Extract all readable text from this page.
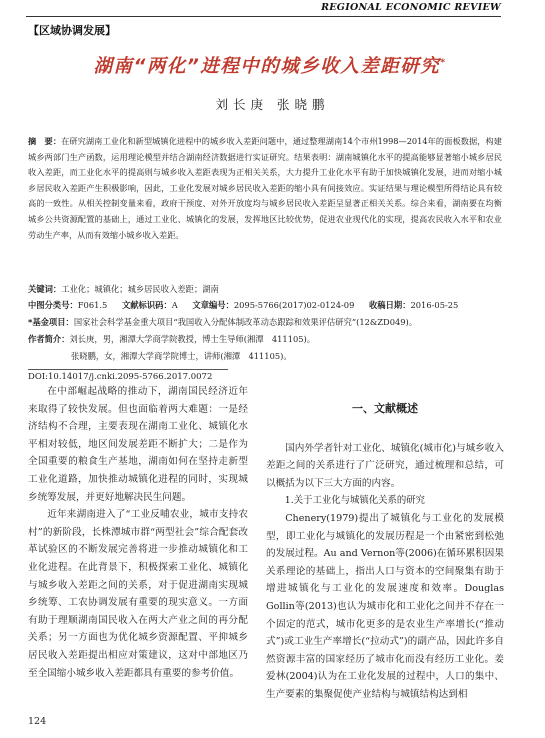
REGIONAL ECONOMIC REVIEW
【区域协调发展】
湖南“两化”进程中的城乡收入差距研究*
刘长庚 张晓鹏
摘　要：在研究湖南工业化和新型城镇化进程中的城乡收入差距问题中，通过整理湖南14个市州1998—2014年的面板数据，构建城乡两部门生产函数，运用理论模型并结合湖南经济数据进行实证研究。结果表明：湖南城镇化水平的提高能够显著缩小城乡居民收入差距，而工业化水平的提高则与城乡收入差距表现为正相关关系，大力提升工业化水平有助于加快城镇化发展，进而对缩小城乡居民收入差距产生积极影响，因此，工业化发展对城乡居民收入差距的缩小具有间接效应。实证结果与理论模型所得结论具有较高的一致性。从相关控制变量来看，政府干预度、对外开放度均与城乡居民收入差距呈显著正相关关系。综合来看，湖南要在均衡城乡公共资源配置的基础上，通过工业化、城镇化的发展，发挥地区比较优势，促进农业现代化的实现，提高农民收入水平和农业劳动生产率，从而有效缩小城乡收入差距。
关键词：工业化；城镇化；城乡居民收入差距；湖南
中图分类号：F061.5 文献标识码：A 文章编号：2095-5766(2017)02-0124-09 收稿日期：2016-05-25
*基金项目：国家社会科学基金重大项目“我国收入分配体制改革动态跟踪和效果评估研究”(12&ZD049)。
作者简介：刘长庚，男，湘潭大学商学院教授，博士生导师(湘潭　411105)。
张晓鹏，女，湘潭大学商学院博士，讲师(湘潭　411105)。
DOI:10.14017/j.cnki.2095-5766.2017.0072

在中部崛起战略的推动下，湖南国民经济近年来取得了较快发展。但也面临着两大难题：一是经济结构不合理，主要表现在湖南工业化、城镇化水平相对较低，地区间发展差距不断扩大；二是作为全国重要的粮食生产基地，湖南如何在坚持走新型工业化道路，加快推动城镇化进程的同时，实现城乡统筹发展，并更好地解决民生问题。

近年来湖南进入了“工业反哺农业，城市支持农村”的新阶段，长株潭城市群“两型社会”综合配套改革试验区的不断发展完善将进一步推动城镇化和工业化进程。在此背景下，积极探索工业化、城镇化与城乡收入差距之间的关系，对于促进湖南实现城乡统筹、工农协调发展有重要的现实意义。一方面有助于理顺湖南国民收入在两大产业之间的再分配关系；另一方面也为优化城乡资源配置、平抑城乡居民收入差距提出相应对策建议，这对中部地区乃至全国缩小城乡收入差距都具有重要的参考价值。

一、文献概述

国内外学者针对工业化、城镇化(城市化)与城乡收入差距之间的关系进行了广泛研究，通过梳理和总结，可以概括为以下三大方面的内容。

1.关于工业化与城镇化关系的研究

Chenery(1979)提出了城镇化与工业化的发展模型，即工业化与城镇化的发展历程是一个由紧密到松弛的发展过程。Au and Vernon等(2006)在循环累积因果关系理论的基础上，指出人口与资本的空间聚集有助于增进城镇化与工业化的发展速度和效率。Douglas Gollin等(2013)也认为城市化和工业化之间并不存在一个固定的范式，城市化更多的是农业生产率增长(“推动式”)或工业生产率增长(“拉动式”)的副产品，因此许多自然资源丰富的国家经历了城市化而没有经历工业化。姜爱林(2004)认为在工业化发展的过程中，人口的集中、生产要素的集聚促使产业结构与城镇结构达到相

124
